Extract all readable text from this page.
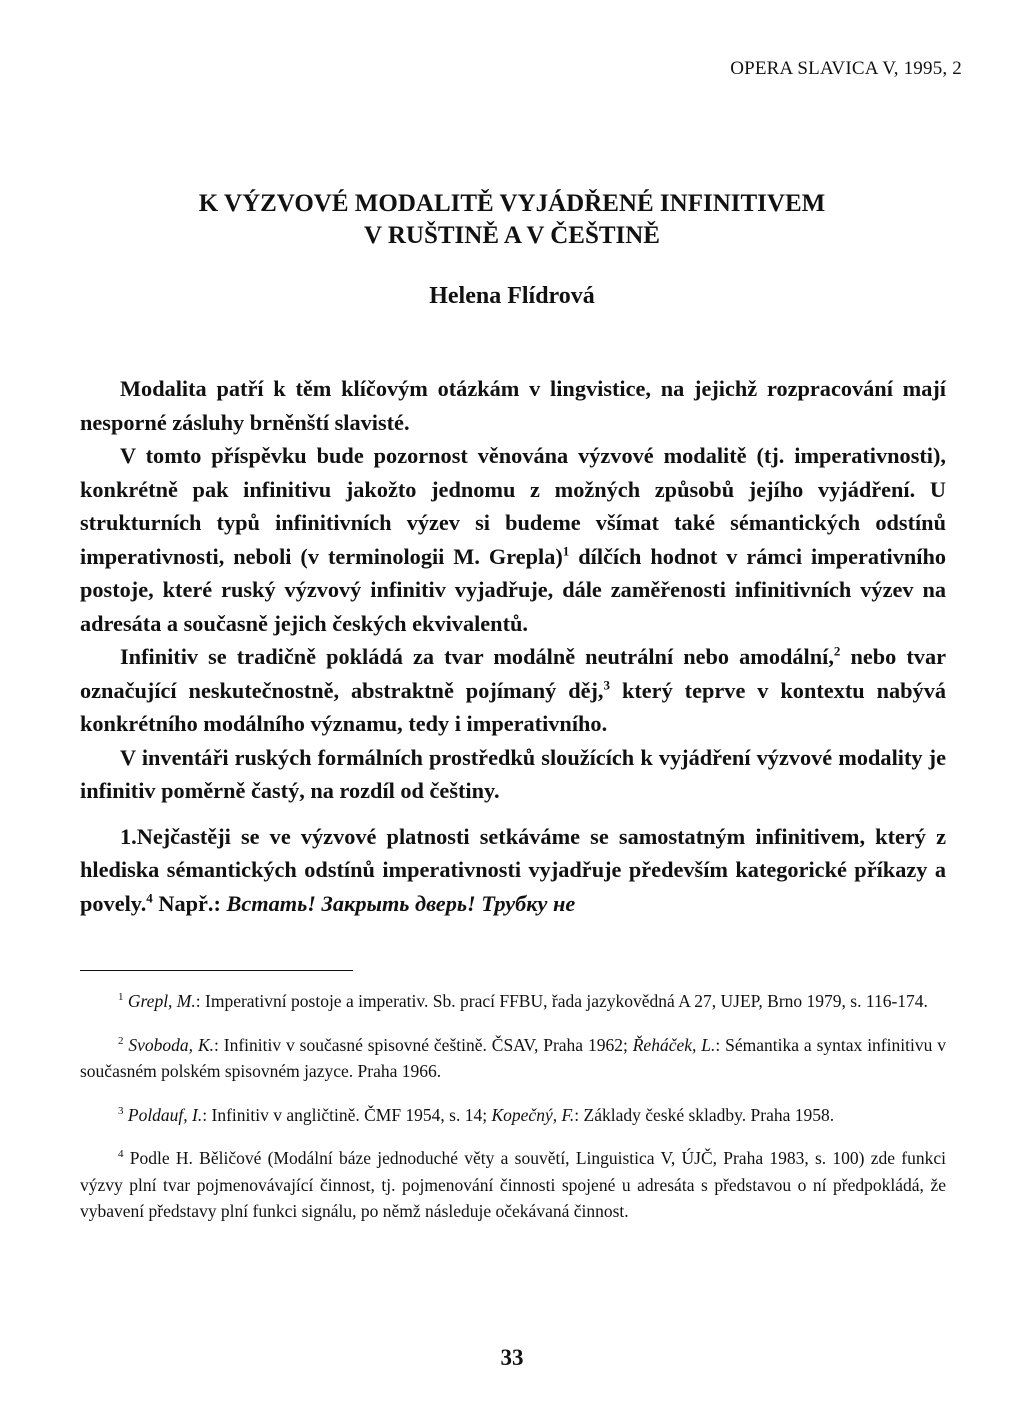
OPERA SLAVICA V, 1995, 2
K VÝZVOVÉ MODALITĚ VYJÁDŘENÉ INFINITIVEM
V RUŠTINĚ A V ČEŠTINĚ
Helena Flídrová

Modalita patří k těm klíčovým otázkám v lingvistice, na jejichž rozpracování mají nesporné zásluhy brněnští slavisté.

V tomto příspěvku bude pozornost věnována výzvové modalitě (tj. imperativnosti), konkrétně pak infinitivu jakožto jednomu z možných způsobů jejího vyjádření. U strukturních typů infinitivních výzev si budeme všímat také sémantických odstínů imperativnosti, neboli (v terminologii M. Grepla)$^1$ dílčích hodnot v rámci imperativního postoje, které ruský výzvový infinitiv vyjadřuje, dále zaměřenosti infinitivních výzev na adresáta a současně jejich českých ekvivalentů.

Infinitiv se tradičně pokládá za tvar modálně neutrální nebo amodální,$^2$ nebo tvar označující neskutečnostně, abstraktně pojímaný děj,$^3$ který teprve v kontextu nabývá konkrétního modálního významu, tedy i imperativního.

V inventáři ruských formálních prostředků sloužících k vyjádření výzvové modality je infinitiv poměrně častý, na rozdíl od češtiny.

1.Nejčastěji se ve výzvové platnosti setkáváme se samostatným infinitivem, který z hlediska sémantických odstínů imperativnosti vyjadřuje především kategorické příkazy a povely.$^4$ Např.: Встать! Закрыть дверь! Трубку не

$^1$ Grepl, M.: Imperativní postoje a imperativ. Sb. prací FFBU, řada jazykovědná A 27, UJEP, Brno 1979, s. 116-174.

$^2$ Svoboda, K.: Infinitiv v současné spisovné češtině. ČSAV, Praha 1962; Řeháček, L.: Sémantika a syntax infinitivu v současném polském spisovném jazyce. Praha 1966.

$^3$ Poldauf, I.: Infinitiv v angličtině. ČMF 1954, s. 14; Kopečný, F.: Základy české skladby. Praha 1958.

$^4$ Podle H. Běličové (Modální báze jednoduché věty a souvětí, Linguistica V, ÚJČ, Praha 1983, s. 100) zde funkci výzvy plní tvar pojmenovávající činnost, tj. pojmenování činnosti spojené u adresáta s představou o ní předpokládá, že vybavení představy plní funkci signálu, po němž následuje očekávaná činnost.

33
